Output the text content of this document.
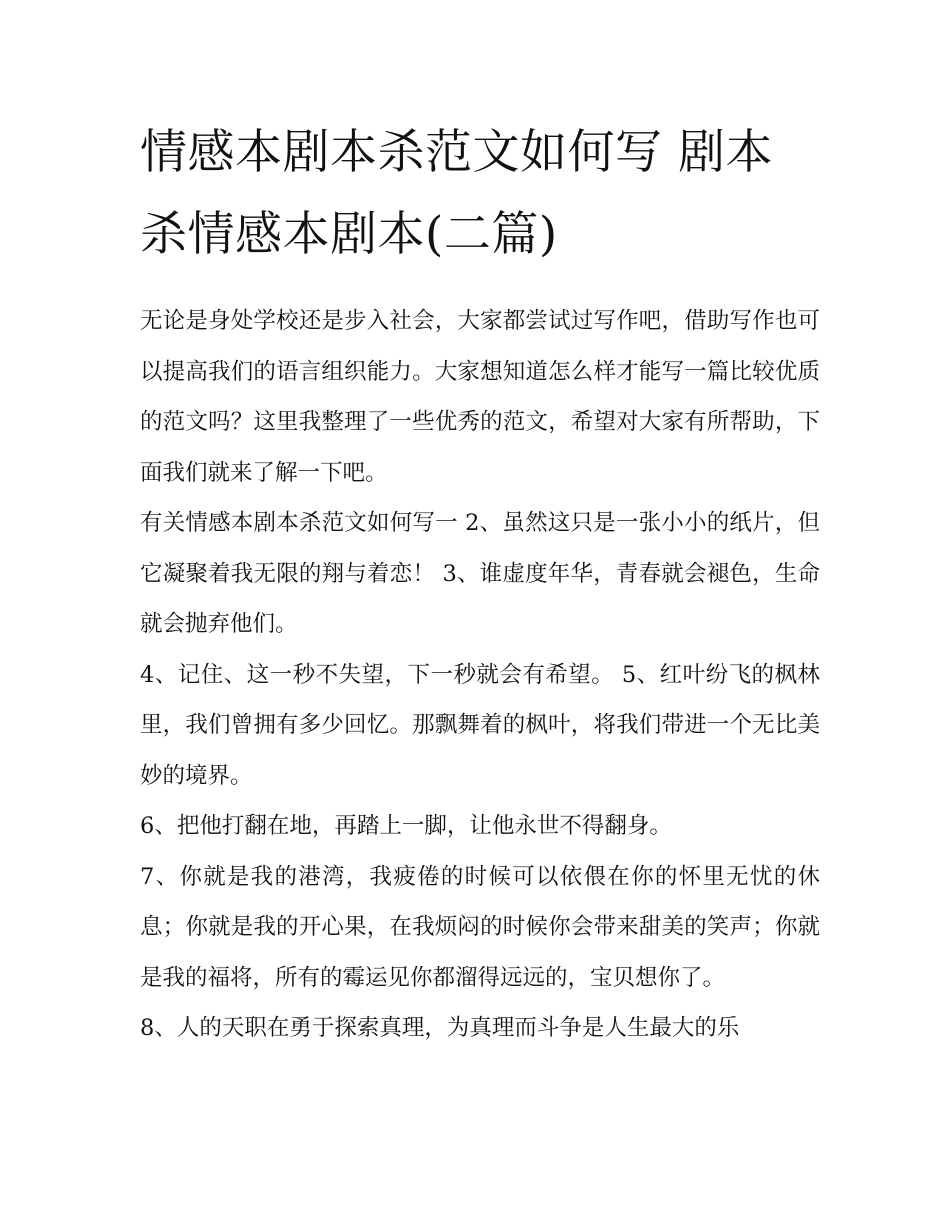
情感本剧本杀范文如何写 剧本杀情感本剧本(二篇)

无论是身处学校还是步入社会，大家都尝试过写作吧，借助写作也可以提高我们的语言组织能力。大家想知道怎么样才能写一篇比较优质的范文吗？这里我整理了一些优秀的范文，希望对大家有所帮助，下面我们就来了解一下吧。

有关情感本剧本杀范文如何写一 2、虽然这只是一张小小的纸片，但它凝聚着我无限的翔与着恋！ 3、谁虚度年华，青春就会褪色，生命就会抛弃他们。

4、记住、这一秒不失望，下一秒就会有希望。 5、红叶纷飞的枫林里，我们曾拥有多少回忆。那飘舞着的枫叶，将我们带进一个无比美妙的境界。

6、把他打翻在地，再踏上一脚，让他永世不得翻身。

7、你就是我的港湾，我疲倦的时候可以依偎在你的怀里无忧的休息；你就是我的开心果，在我烦闷的时候你会带来甜美的笑声；你就是我的福将，所有的霉运见你都溜得远远的，宝贝想你了。

8、人的天职在勇于探索真理，为真理而斗争是人生最大的乐
